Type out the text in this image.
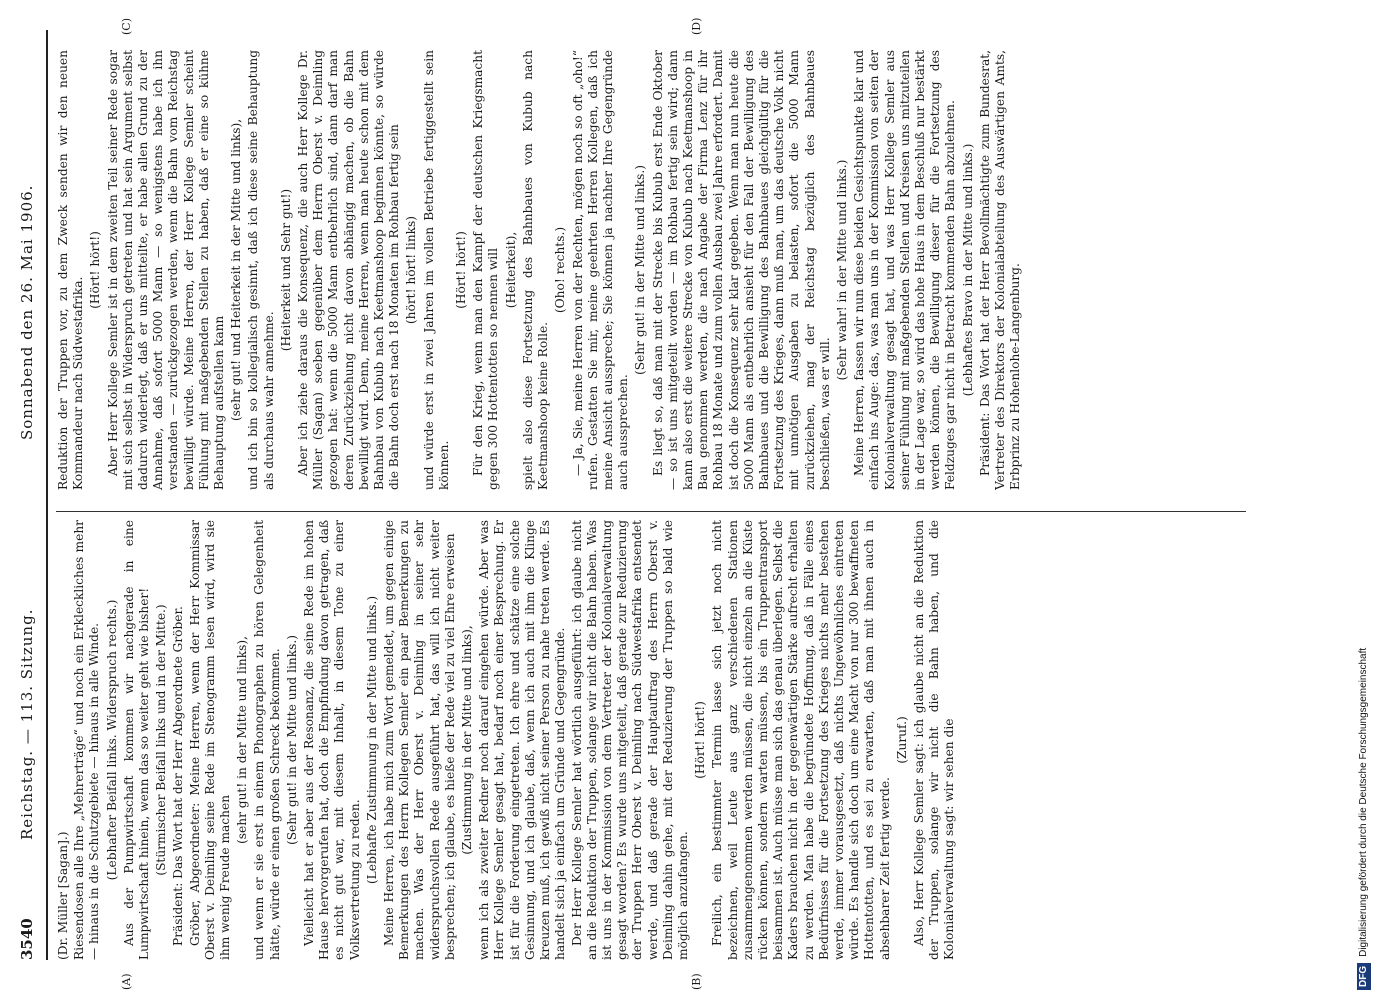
3540
Reichstag. — 113. Sitzung.
Sonnabend den 26. Mai 1906.
(A)	(B)
(C)	(D)

(Dr. Müller [Sagan].) Riesendosen alle Ihre „Mehrerträge“ und noch ein Erkleckliches mehr — hinaus in die Schutzgebiete — hinaus in alle Winde. (Lebhafter Beifall links. Widerspruch rechts.) Aus der Pumpwirtschaft kommen wir nachgerade in eine Lumpwirtschaft hinein, wenn das so weiter geht wie bisher! (Stürmischer Beifall links und in der Mitte.) Präsident: Das Wort hat der Herr Abgeordnete Gröber. Gröber, Abgeordneter: Meine Herren, wenn der Herr Kommissar Oberst v. Deimling seine Rede im Stenogramm lesen wird, wird sie ihm wenig Freude machen

(sehr gut! in der Mitte und links), und wenn er sie erst in einem Phonographen zu hören Gelegenheit hätte, würde er einen großen Schreck bekommen. (Sehr gut! in der Mitte und links.) Vielleicht hat er aber aus der Resonanz, die seine Rede im hohen Hause hervorgerufen hat, doch die Empfindung davon getragen, daß es nicht gut war, mit diesem Inhalt, in diesem Tone zu einer Volksvertretung zu reden. (Lebhafte Zustimmung in der Mitte und links.) Meine Herren, ich habe mich zum Wort gemeldet, um gegen einige Bemerkungen des Herrn Kollegen Semler ein paar Bemerkungen zu machen. Was der Herr Oberst v. Deimling in seiner sehr widerspruchsvollen Rede ausgeführt hat, das will ich nicht weiter besprechen; ich glaube, es hieße der Rede viel zu viel Ehre erweisen (Zustimmung in der Mitte und links), wenn ich als zweiter Redner noch darauf eingehen würde. Aber was Herr Kollege Semler gesagt hat, bedarf noch einer Besprechung. Er ist für die Forderung eingetreten. Ich ehre und schätze eine solche Gesinnung, und ich glaube, daß, wenn ich auch mit ihm die Klinge kreuzen muß, ich gewiß nicht seiner Person zu nahe treten werde. Es handelt sich ja einfach um Gründe und Gegengründe. Der Herr Kollege Semler hat wörtlich ausgeführt: ich glaube nicht an die Reduktion der Truppen, solange wir nicht die Bahn haben. Was ist uns in der Kommission von dem Vertreter der Kolonialverwaltung gesagt worden? Es wurde uns mitgeteilt, daß gerade zur Reduzierung der Truppen Herr Oberst v. Deimling nach Südwestafrika entsendet werde, und daß gerade der Hauptauftrag des Herrn Oberst v. Deimling dahin gehe, mit der Reduzierung der Truppen so bald wie möglich anzufangen.

(Hört! hört!) Freilich, ein bestimmter Termin lasse sich jetzt noch nicht bezeichnen, weil Leute aus ganz verschiedenen Stationen zusammengenommen werden müssen, die nicht einzeln an die Küste rücken können, sondern warten müssen, bis ein Truppentransport beisammen ist. Auch müsse man sich das genau überlegen. Selbst die Kaders brauchen nicht in der gegenwärtigen Stärke aufrecht erhalten zu werden. Man habe die begründete Hoffnung, daß in Fälle eines Bedürfnisses für die Fortsetzung des Krieges nichts mehr bestehen werde, immer vorausgesetzt, daß nichts Ungewöhnliches eintreten würde. Es handle sich doch um eine Macht von nur 300 bewaffneten Hottentotten, und es sei zu erwarten, daß man mit ihnen auch in absehbarer Zeit fertig werde.

(Zuruf.) Also, Herr Kollege Semler sagt: ich glaube nicht an die Reduktion der Truppen, solange wir nicht die Bahn haben, und die Kolonialverwaltung sagt: wir sehen die

Reduktion der Truppen vor, zu dem Zweck senden wir den neuen Kommandeur nach Südwestafrika.

(Hört! hört!) Aber Herr Kollege Semler ist in dem zweiten Teil seiner Rede sogar mit sich selbst in Widerspruch getreten und hat sein Argument selbst dadurch widerlegt, daß er uns mitteilte, er habe allen Grund zu der Annahme, daß sofort 5000 Mann — so wenigstens habe ich ihn verstanden — zurückgezogen werden, wenn die Bahn vom Reichstag bewilligt würde. Meine Herren, der Herr Kollege Semler scheint Fühlung mit maßgebenden Stellen zu haben, daß er eine so kühne Behauptung aufstellen kann (sehr gut! und Heiterkeit in der Mitte und links), und ich bin so kollegialisch gesinnt, daß ich diese seine Behauptung als durchaus wahr annehme.

(Heiterkeit und Sehr gut!) Aber ich ziehe daraus die Konsequenz, die auch Herr Kollege Dr. Müller (Sagan) soeben gegenüber dem Herrn Oberst v. Deimling gezogen hat: wenn die 5000 Mann entbehrlich sind, dann darf man deren Zurückziehung nicht davon abhängig machen, ob die Bahn bewilligt wird. Denn, meine Herren, wenn man heute schon mit dem Bahnbau von Kubub nach Keetmanshoop beginnen könnte, so würde die Bahn doch erst nach 18 Monaten im Rohbau fertig sein (hört! hört! links) und würde erst in zwei Jahren im vollen Betriebe fertiggestellt sein können.

(Hört! hört!) Für den Krieg, wenn man den Kampf der deutschen Kriegsmacht gegen 300 Hottentotten so nennen will (Heiterkeit), spielt also diese Fortsetzung des Bahnbaues von Kubub nach Keetmanshoop keine Rolle.

(Oho! rechts.) — Ja, Sie, meine Herren von der Rechten, mögen noch so oft „oho!“ rufen. Gestatten Sie mir, meine geehrten Herren Kollegen, daß ich meine Ansicht ausspreche; Sie können ja nachher Ihre Gegengründe auch aussprechen.

(Sehr gut! in der Mitte und links.) Es liegt so, daß man mit der Strecke bis Kubub erst Ende Oktober — so ist uns mitgeteilt worden — im Rohbau fertig sein wird; dann kann also erst die weitere Strecke von Kubub nach Keetmanshoop in Bau genommen werden, die nach Angabe der Firma Lenz für ihr Rohbau 18 Monate und zum vollen Ausbau zwei Jahre erfordert. Damit ist doch die Konsequenz sehr klar gegeben. Wenn man nun heute die 5000 Mann als entbehrlich ansieht für den Fall der Bewilligung des Bahnbaues und die Bewilligung des Bahnbaues gleichgültig für die Fortsetzung des Krieges, dann muß man, um das deutsche Volk nicht mit unnötigen Ausgaben zu belasten, sofort die 5000 Mann zurückziehen, mag der Reichstag bezüglich des Bahnbaues beschließen, was er will.

(Sehr wahr! in der Mitte und links.) Meine Herren, fassen wir nun diese beiden Gesichtspunkte klar und einfach ins Auge: das, was man uns in der Kommission von seiten der Kolonialverwaltung gesagt hat, und was Herr Kollege Semler aus seiner Fühlung mit maßgebenden Stellen und Kreisen uns mitzuteilen in der Lage war, so wird das hohe Haus in dem Beschluß nur bestärkt werden können, die Bewilligung dieser für die Fortsetzung des Feldzuges gar nicht in Betracht kommenden Bahn abzulehnen. (Lebhaftes Bravo in der Mitte und links.) Präsident: Das Wort hat der Herr Bevollmächtigte zum Bundesrat, Vertreter des Direktors der Kolonialabteilung des Auswärtigen Amts, Erbprinz zu Hohenlohe-Langenburg.

DFGDigitalisierung gefördert durch die Deutsche Forschungsgemeinschaft
